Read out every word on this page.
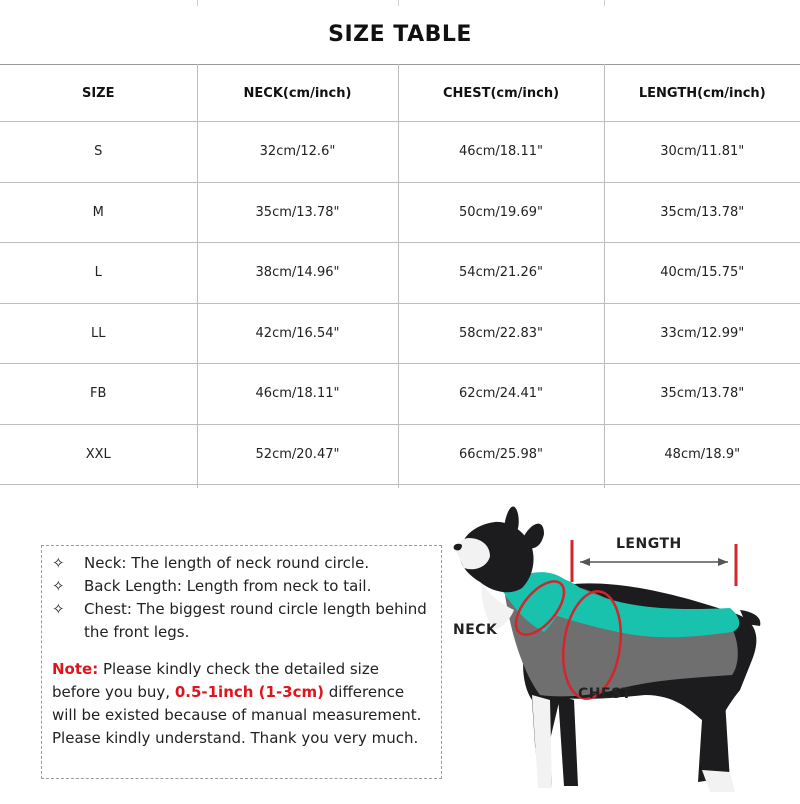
SIZE TABLE
SIZE	NECK(cm/inch)	CHEST(cm/inch)	LENGTH(cm/inch)
S	32cm/12.6"	46cm/18.11"	30cm/11.81"
M	35cm/13.78"	50cm/19.69"	35cm/13.78"
L	38cm/14.96"	54cm/21.26"	40cm/15.75"
LL	42cm/16.54"	58cm/22.83"	33cm/12.99"
FB	46cm/18.11"	62cm/24.41"	35cm/13.78"
XXL	52cm/20.47"	66cm/25.98"	48cm/18.9"
✧	Neck: The length of neck round circle.
✧	Back Length: Length from neck to tail.
✧	Chest: The biggest round circle length behind the front legs.
Note: Please kindly check the detailed size before you buy, 0.5-1inch (1-3cm) difference will be existed because of manual measurement. Please kindly understand. Thank you very much.
LENGTH
NECK
CHEST
